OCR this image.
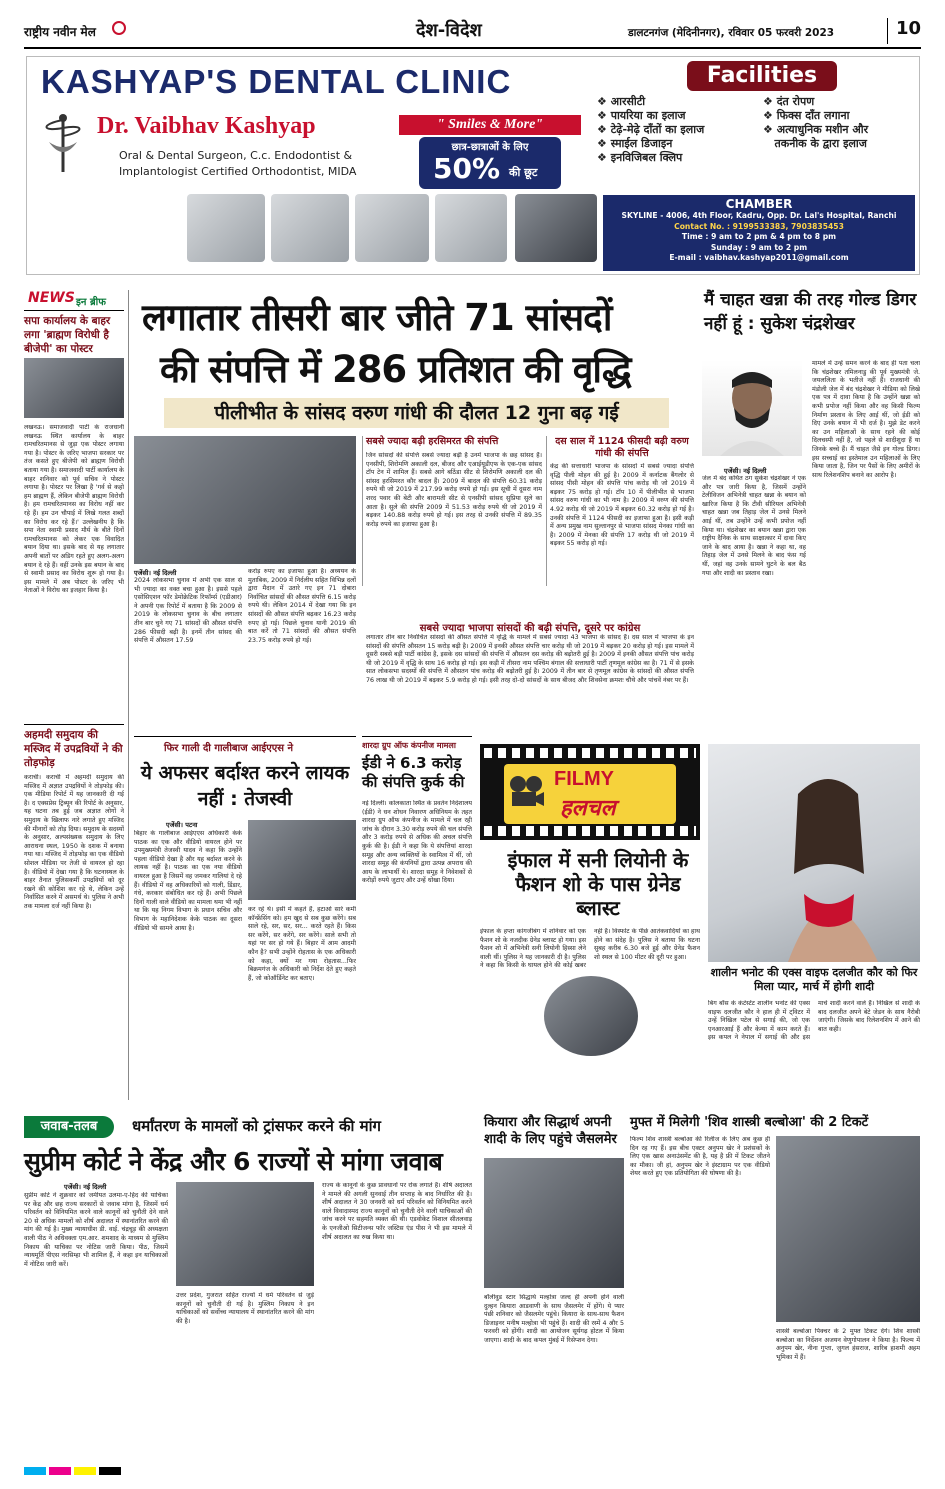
राष्ट्रीय नवीन मेल	देश-विदेश	डालटनगंज (मेदिनीनगर), रविवार 05 फरवरी 2023	10
KASHYAP'S DENTAL CLINIC
Dr. Vaibhav Kashyap	" Smiles & More"
Oral & Dental Surgeon, C.c. Endodontist &
Implantologist Certified Orthodontist, MIDA
छात्र-छात्राओं के लिए
50% की छूट
Facilities
❖ आरसीटी
❖ पायरिया का इलाज
❖ टेढ़े-मेढ़े दाँतों का इलाज
❖ स्माईल डिजाइन
❖ इनविजिबल क्लिप
❖ दंत रोपण
❖ फिक्स दाँत लगाना
❖ अत्याधुनिक मशीन और
तकनीक के द्वारा इलाज
CHAMBER
SKYLINE - 4006, 4th Floor, Kadru, Opp. Dr. Lal's Hospital, Ranchi
Contact No. : 9199533383, 7903835453
Time : 9 am to 2 pm & 4 pm to 8 pm
Sunday : 9 am to 2 pm
E-mail : vaibhav.kashyap2011@gmail.com
NEWS इन ब्रीफ
सपा कार्यालय के बाहर लगा 'ब्राह्मण विरोधी है बीजेपी' का पोस्टर
लखनऊ। समाजवादी पार्टी के राजधानी लखनऊ स्थित कार्यालय के बाहर रामचरितमानस से जुड़ा एक पोस्टर लगाया गया है। पोस्टर के जरिए भाजपा सरकार पर तंज कसते हुए बीजेपी को ब्राह्मण विरोधी बताया गया है। समाजवादी पार्टी कार्यालय के बाहर शनिवार को पूर्व सचिव ने पोस्टर लगाया है। पोस्टर पर लिखा है 'गर्व से कहो हम ब्राह्मण हैं, लेकिन बीजेपी ब्राह्मण विरोधी है। हम रामचरितमानस का विरोध नहीं कर रहे हैं। हम उन चौपाई में लिखे गलत शब्दों का विरोध कर रहे हैं।' उल्लेखनीय है कि सपा नेता स्वामी प्रसाद मौर्य के बीते दिनों रामचरितमानस को लेकर एक विवादित बयान दिया था। इसके बाद से यह लगातार अपनी बातों पर अडिग रहते हुए अलग-अलग बयान दे रहे हैं। वहीं उनके इस बयान के बाद से स्वामी प्रसाद का विरोध शुरू हो गया है। इस मामले में अब पोस्टर के जरिए भी नेताओं ने विरोध का इजहार किया है।
अहमदी समुदाय की मस्जिद में उपद्रवियों ने की तोड़फोड़
कराची। कराची में अहमदी समुदाय की मस्जिद में अज्ञात उपद्रवियों ने तोड़फोड़ की। एक मीडिया रिपोर्ट में यह जानकारी दी गई है। द एक्सप्रेस ट्रिब्यून की रिपोर्ट के अनुसार, यह घटना तब हुई जब अज्ञात लोगों ने समुदाय के खिलाफ नारे लगाते हुए मस्जिद की मीनारों को तोड़ दिया। समुदाय के सदस्यों के अनुसार, अल्पसंख्यक समुदाय के लिए आराधना स्थल, 1950 के दशक में बनाया गया था। मस्जिद में तोड़फोड़ का एक वीडियो सोशल मीडिया पर तेजी से वायरल हो रहा है। वीडियो में देखा गया है कि घटनास्थल के बाहर तैनात पुलिसकर्मी उपद्रवियों को दूर रखने की कोशिश कर रहे थे, लेकिन उन्हें निर्वासित करने में असमर्थ थे। पुलिस ने अभी तक मामला दर्ज नहीं किया है।
लगातार तीसरी बार जीते 71 सांसदों
की संपत्ति में 286 प्रतिशत की वृद्धि
पीलीभीत के सांसद वरुण गांधी की दौलत 12 गुना बढ़ गई
एजेंसी। नई दिल्ली
2024 लोकसभा चुनाव में अभी एक साल से भी ज्यादा का वक्त बचा हुआ है। इससे पहले एसोसिएशन फॉर डेमोक्रेटिक रिफॉर्म्स (एडीआर) ने अपनी एक रिपोर्ट में बताया है कि 2009 से 2019 के लोकसभा चुनाव के बीच लगातार तीन बार चुने गए 71 सांसदों की औसत संपत्ति 286 फीसदी बढ़ी है। इनमें तीन सांसद की संपत्ति में औसतन 17.59
करोड़ रुपए का इजाफा हुआ है। अध्ययन के मुताबिक, 2009 में निर्दलीय सहित विभिन्न दलों द्वारा मैदान में उतारे गए इन 71 दोबारा निर्वाचित सांसदों की औसत संपत्ति 6.15 करोड़ रुपये थी। लेकिन 2014 में देखा गया कि इन सांसदों की औसत संपत्ति बढ़कर 16.23 करोड़ रुपए हो गई। पिछले चुनाव यानी 2019 की बात करें तो 71 सांसदों की औसत संपत्ति 23.75 करोड़ रुपये हो गई।
सबसे ज्यादा बढ़ी हरसिमरत की संपत्ति
जिन सांसदों की संपत्ति सबसे ज्यादा बढ़ी है उनमें भाजपा के छह सांसद हैं। एनसीपी, शिरोमणि अकाली दल, बीजद और एआईयूडीएफ के एक-एक सांसद टॉप टेन में शामिल हैं। सबसे आगे बठिंडा सीट से शिरोमणि अकाली दल की सांसद हरसिमरत कौर बादल हैं। 2009 में बादल की संपत्ति 60.31 करोड़ रुपये थी जो 2019 में 217.99 करोड़ रुपये हो गई। इस सूची में दूसरा नाम शरद पवार की बेटी और बारामती सीट से एनसीपी सांसद सुप्रिया सुले का आता है। सुले की संपत्ति 2009 में 51.53 करोड़ रुपये थी जो 2019 में बढ़कर 140.88 करोड़ रुपये हो गई। इस तरह से उनकी संपत्ति में 89.35 करोड़ रुपये का इजाफा हुआ है।
दस साल में 1124 फीसदी बढ़ी वरुण गांधी की संपत्ति
केंद्र की सत्ताधारी भाजपा के सांसदों में सबसे ज्यादा संपत्ति वृद्धि पीली मोहन की हुई है। 2009 में कर्नाटक बैंगलोर से सांसद पीसी मोहन की संपत्ति पांच करोड़ थी जो 2019 में बढ़कर 75 करोड़ हो गई। टॉप 10 में पीलीभीत से भाजपा सांसद वरुण गांधी का भी नाम है। 2009 में वरुण की संपत्ति 4.92 करोड़ थी जो 2019 में बढ़कर 60.32 करोड़ हो गई है। उनकी संपत्ति में 1124 फीसदी का इजाफा हुआ है। इसी कड़ी में अन्य प्रमुख नाम सुल्तानपुर से भाजपा सांसद मेनका गांधी का है। 2009 में मेनका की संपत्ति 17 करोड़ थी जो 2019 में बढ़कर 55 करोड़ हो गई।
सबसे ज्यादा भाजपा सांसदों की बढ़ी संपत्ति, दूसरे पर कांग्रेस
लगातार तीन बार निर्वाचित सांसदों की औसत संपत्ति में वृद्धि के मामले में सबसे ज्यादा 43 भाजपा के सांसद हैं। दस साल में भाजपा के इन सांसदों की संपत्ति औसतन 15 करोड़ बढ़ी है। 2009 में इनकी औसत संपत्ति चार करोड़ थी जो 2019 में बढ़कर 20 करोड़ हो गई। इस मामले में दूसरी सबसे बड़ी पार्टी कांग्रेस है, इसके दस सांसदों की संपत्ति में औसतन दस करोड़ की बढ़ोतरी हुई है। 2009 में इनकी औसत संपत्ति पांच करोड़ थी जो 2019 में वृद्धि के साथ 16 करोड़ हो गई। इस कड़ी में तीसरा नाम पश्चिम बंगाल की सत्ताधारी पार्टी तृणमूल कांग्रेस का है। 71 में से इसके सात लोकसभा सदस्यों की संपत्ति में औसतन पांच करोड़ की बढ़ोतरी हुई है। 2009 में तीन बार से तृणमूल कांग्रेस के सांसदों की औसत संपत्ति 76 लाख थी जो 2019 में बढ़कर 5.9 करोड़ हो गई। इसी तरह दो-दो सांसदों के साथ बीजद और शिवसेना क्रमशः चौथे और पांचवें नंबर पर हैं।
मैं चाहत खन्ना की तरह गोल्ड डिगर नहीं हूं : सुकेश चंद्रशेखर
मामले में उन्हें समन करने के बाद ही पता चला कि चंद्रशेखर तमिलनाडु की पूर्व मुख्यमंत्री जे. जयललिता के भतीजे नहीं हैं। राजधानी की मंडोली जेल में बंद चंद्रशेखर ने मीडिया को लिखे एक पत्र में दावा किया है कि उन्होंने खन्ना को कभी प्रपोज नहीं किया और वह किसी फिल्म निर्माण प्रस्ताव के लिए आई थीं, जो ईडी को दिए उनके बयान में भी दर्ज है। मुझे डेट करने का उन महिलाओं के साथ रहने की कोई दिलचस्पी नहीं है, जो पहले से शादीशुदा हैं या जिनके बच्चे हैं। मैं चाहत जैसे इन गोल्ड डिगर। इस सच्चाई का इस्तेमाल उन महिलाओं के लिए किया जाता है, जिन पर पैसों के लिए अमीरों के साथ रिलेशनशिप बनाने का आरोप है।
एजेंसी। नई दिल्ली
जेल में बंद कथित ठग सुकेश चंद्रशेखर ने एक और पत्र जारी किया है, जिसमें उन्होंने टेलीविजन अभिनेत्री चाहत खन्ना के बयान को खारिज किया है कि टीवी सीरियल अभिनेत्री चाहत खन्ना जब तिहाड़ जेल में उनसे मिलने आई थीं, तब उन्होंने उन्हें कभी प्रपोज नहीं किया था। चंद्रशेखर का बयान खन्ना द्वारा एक राष्ट्रीय दैनिक के साथ साक्षात्कार में दावा किए जाने के बाद आया है। खन्ना ने कहा था, वह तिहाड़ जेल में उनसे मिलने के बाद फंस गई थीं, जहां वह उनके सामने घुटने के बल बैठ गया और शादी का प्रस्ताव रखा।
फिर गाली दी गालीबाज आईएएस ने
ये अफसर बर्दाश्त करने लायक नहीं : तेजस्वी
एजेंसी। पटना
बिहार के गालीबाज आईएएस अधिकारी केके पाठक का एक और वीडियो वायरल होने पर उपमुख्यमंत्री तेजस्वी यादव ने कहा कि उन्होंने पहला वीडियो देखा है और यह बर्दाश्त करने के लायक नहीं है। पाठक का एक नया वीडियो वायरल हुआ है जिसमें वह जमकर गालियां दे रहे हैं। वीडियो में वह अधिकारियों को गाली, डिंडार, गंधे, करकार संबोधित कर रहे हैं। अभी पिछले दिनों गाली वाले वीडियो का मामला थमा भी नहीं था कि यह निगम विभाग के प्रधान सचिव और विभाग के महानिदेशक केके पाठक का दूसरा वीडियो भी सामने आया है।
कर रहे थे। इसी में कहते हैं, हटाओ सारे कर्मी कॉन्फ्रेंसिंग को। हम खुद से सब कुछ करेंगे। सब साले रहे, सर, सर, सर... करते रहते हैं। किस सर करेंगे, सर करेंगे, सर करेंगे। साले सभी तो यहां पर सर हो गये हैं। बिहार में आम आदमी कौन है? सभी उन्होंने रोहतास के एक अधिकारी को कहा, क्यों मर गया रोहतास...फिर बिक्रमगंज के अधिकारी को निर्देश देते हुए कहते हैं, जो कोऑर्डिनेट कर बताए।
शारदा ग्रुप ऑफ कंपनीज मामला
ईडी ने 6.3 करोड़ की संपत्ति कुर्क की
नई दिल्ली। कोलकाता स्थित के प्रवर्तन निदेशालय (ईडी) ने धन शोधन निवारण अधिनियम के तहत शारदा ग्रुप ऑफ कंपनीज के मामले में चल रही जांच के दौरान 3.30 करोड़ रुपये की चल संपत्ति और 3 करोड़ रुपये से अधिक की अचल संपत्ति कुर्क की है। ईडी ने कहा कि ये संपत्तियां शारदा समूह और अन्य व्यक्तियों के स्वामित्व में थीं, जो शारदा समूह की कंपनियों द्वारा उत्पन्न अपराध की आय के लाभार्थी थे। शारदा समूह ने निवेशकों से करोड़ों रुपये जुटाए और उन्हें धोखा दिया।
FILMY
हलचल
इंफाल में सनी लियोनी के फैशन शो के पास ग्रेनेड ब्लास्ट
इंफाल के हप्ता कांगजीबंग में शनिवार को एक फैशन शो के नजदीक ग्रेनेड ब्लास्ट हो गया। इस फैशन शो में अभिनेत्री सनी लियोनी हिस्सा लेने वाली थीं। पुलिस ने यह जानकारी दी है। पुलिस ने कहा कि किसी के घायल होने की कोई खबर नहीं है। विस्फोट के पीछे आतंकवादियों का हाथ होने का संदेह है। पुलिस ने बताया कि घटना सुबह करीब 6.30 बजे हुई और ग्रेनेड फैशन शो स्थल से 100 मीटर की दूरी पर हुआ।
शालीन भनोट की एक्स वाइफ दलजीत कौर को फिर मिला प्यार, मार्च में होगी शादी
बिग बॉस के कंटेस्टेंट शालीन भनोट की एक्स वाइफ दलजीत कौर ने हाल ही में ट्विटर में उन्हें निखिल पटेल से सगाई की, जो एक एनआरआई हैं और केन्या में काम करते हैं। इस कपल ने नेपाल में सगाई की और इस मार्च शादी करने वाले हैं। निखिल से शादी के बाद दलजीत अपने बेटे जेडन के साथ नैरोबी जाएंगी। जिसके बाद रिलेशनशिप में आने की बात कही।
जवाब-तलब	धर्मांतरण के मामलों को ट्रांसफर करने की मांग
सुप्रीम कोर्ट ने केंद्र और 6 राज्यों से मांगा जवाब
एजेंसी। नई दिल्ली
सुप्रीम कोर्ट ने शुक्रवार को जमीयत उलमा-ए-हिंद की याचिका पर केंद्र और छह राज्य सरकारों से जवाब मांगा है, जिसमें धर्म परिवर्तन को विनियमित करने वाले कानूनों को चुनौती देने वाले 20 से अधिक मामलों को शीर्ष अदालत में स्थानांतरित करने की मांग की गई है। मुख्य न्यायाधीश डी. वाई. चंद्रचूड़ की अध्यक्षता वाली पीठ ने अधिवक्ता एम.आर. शमशाद के माध्यम से मुस्लिम निकाय की याचिका पर नोटिस जारी किया। पीठ, जिसमें न्यायमूर्ति पीएस नरसिम्हा भी शामिल हैं, ने कहा इन याचिकाओं में नोटिस जारी करें।
उत्तर प्रदेश, गुजरात सहित राज्यों में धर्म परिवर्तन से जुड़े कानूनों को चुनौती दी गई है। मुस्लिम निकाय ने इन याचिकाओं को सर्वोच्च न्यायालय में स्थानांतरित करने की मांग की है।
राज्य के कानूनों के कुछ प्रावधानों पर रोक लगाते हैं। शीर्ष अदालत ने मामले की अगली सुनवाई तीन सप्ताह के बाद निर्धारित की है। शीर्ष अदालत ने 30 जनवरी को धर्म परिवर्तन को विनियमित करने वाले विवादास्पद राज्य कानूनों को चुनौती देने वाली याचिकाओं की जांच करने पर सहमति व्यक्त की थी। एडवोकेट विशाल सीतलवाड़ के एनजीओ सिटीजन्स फॉर जस्टिस एंड पीस ने भी इस मामले में शीर्ष अदालत का रुख किया था।
कियारा और सिद्धार्थ अपनी शादी के लिए पहुंचे जैसलमेर
बॉलीवुड स्टार सिद्धार्थ मल्होत्रा जल्द ही अपनी होने वाली दुल्हन कियारा आडवाणी के साथ जैसलमेर में होंगे। ये प्यार पंछी शनिवार को जैसलमेर पहुंचे। कियारा के साथ-साथ फैशन डिजाइनर मनीष मल्होत्रा भी पहुंचे हैं। शादी की रस्में 4 और 5 फरवरी को होंगी। शादी का आयोजन सूर्यगढ़ होटल में किया जाएगा। शादी के बाद कपल मुंबई में रिसेप्शन देगा।
मुफ्त में मिलेगी 'शिव शास्त्री बल्बोआ' की 2 टिकटें
फिल्म शिव शास्त्री बल्बोआ की रिलीज के लिए अब कुछ ही दिन रह गए हैं। इस बीच एक्टर अनुपम खेर ने प्रशंसकों के लिए एक खास अनाउंसमेंट की है, यह है फ्री में टिकट जीतने का मौका। जी हां, अनुपम खेर ने इंस्टाग्राम पर एक वीडियो शेयर करते हुए एक प्रतियोगिता की घोषणा की है।
शास्त्री बल्बोआ पिक्चर के 2 मुफ्त टिकट देंगे। शिव शास्त्री बल्बोआ का निर्देशन अजयन वेणुगोपालन ने किया है। फिल्म में अनुपम खेर, नीना गुप्ता, जुगल हंसराज, शारिब हाशमी अहम भूमिका में हैं।
